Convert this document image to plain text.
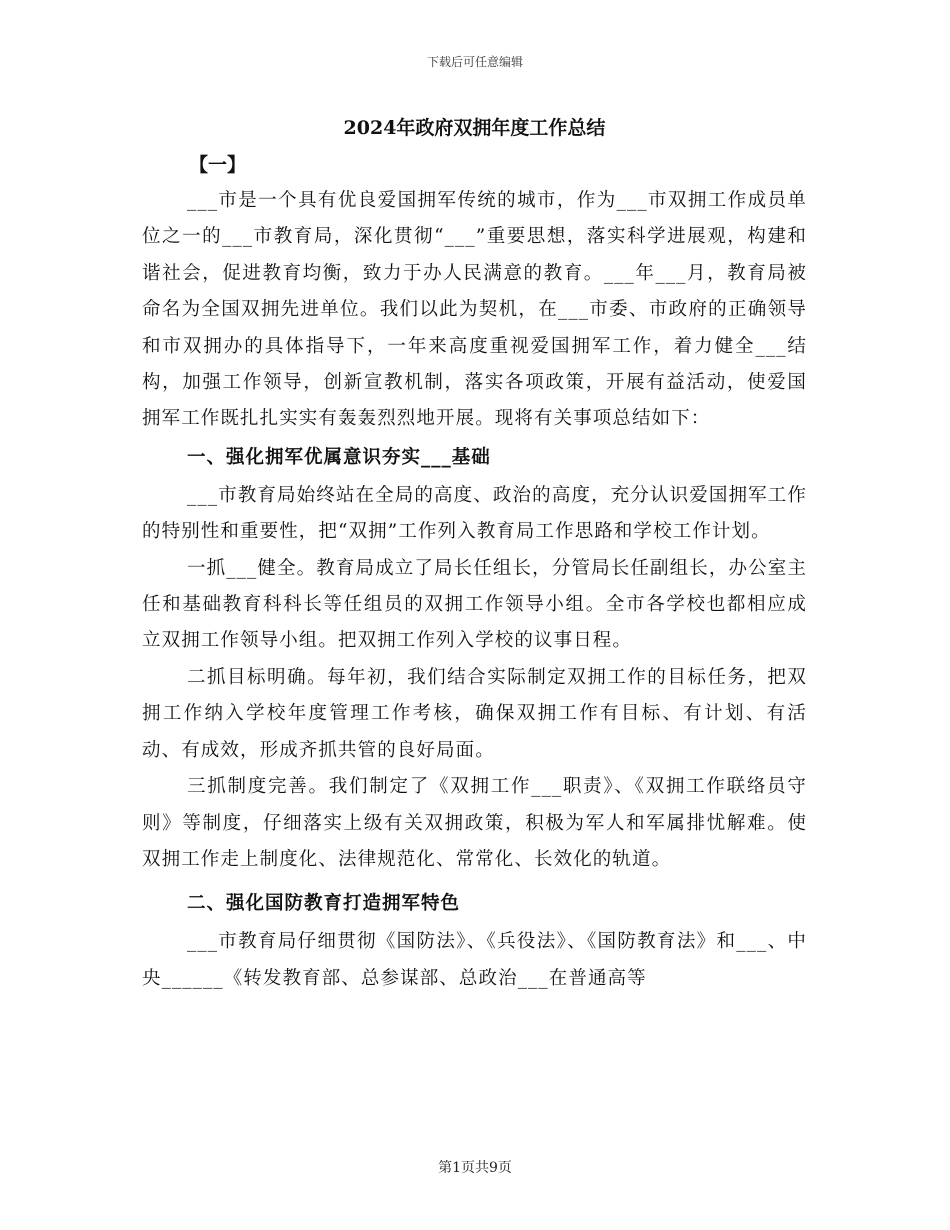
下载后可任意编辑
2024年政府双拥年度工作总结
【一】

___市是一个具有优良爱国拥军传统的城市，作为___市双拥工作成员单位之一的___市教育局，深化贯彻“___”重要思想，落实科学进展观，构建和谐社会，促进教育均衡，致力于办人民满意的教育。___年___月，教育局被命名为全国双拥先进单位。我们以此为契机，在___市委、市政府的正确领导和市双拥办的具体指导下，一年来高度重视爱国拥军工作，着力健全___结构，加强工作领导，创新宣教机制，落实各项政策，开展有益活动，使爱国拥军工作既扎扎实实有轰轰烈烈地开展。现将有关事项总结如下：

一、强化拥军优属意识夯实___基础

___市教育局始终站在全局的高度、政治的高度，充分认识爱国拥军工作的特别性和重要性，把“双拥”工作列入教育局工作思路和学校工作计划。

一抓___健全。教育局成立了局长任组长，分管局长任副组长，办公室主任和基础教育科科长等任组员的双拥工作领导小组。全市各学校也都相应成立双拥工作领导小组。把双拥工作列入学校的议事日程。

二抓目标明确。每年初，我们结合实际制定双拥工作的目标任务，把双拥工作纳入学校年度管理工作考核，确保双拥工作有目标、有计划、有活动、有成效，形成齐抓共管的良好局面。

三抓制度完善。我们制定了《双拥工作___职责》、《双拥工作联络员守则》等制度，仔细落实上级有关双拥政策，积极为军人和军属排忧解难。使双拥工作走上制度化、法律规范化、常常化、长效化的轨道。

二、强化国防教育打造拥军特色

___市教育局仔细贯彻《国防法》、《兵役法》、《国防教育法》和___、中央______《转发教育部、总参谋部、总政治___在普通高等

第1页共9页
